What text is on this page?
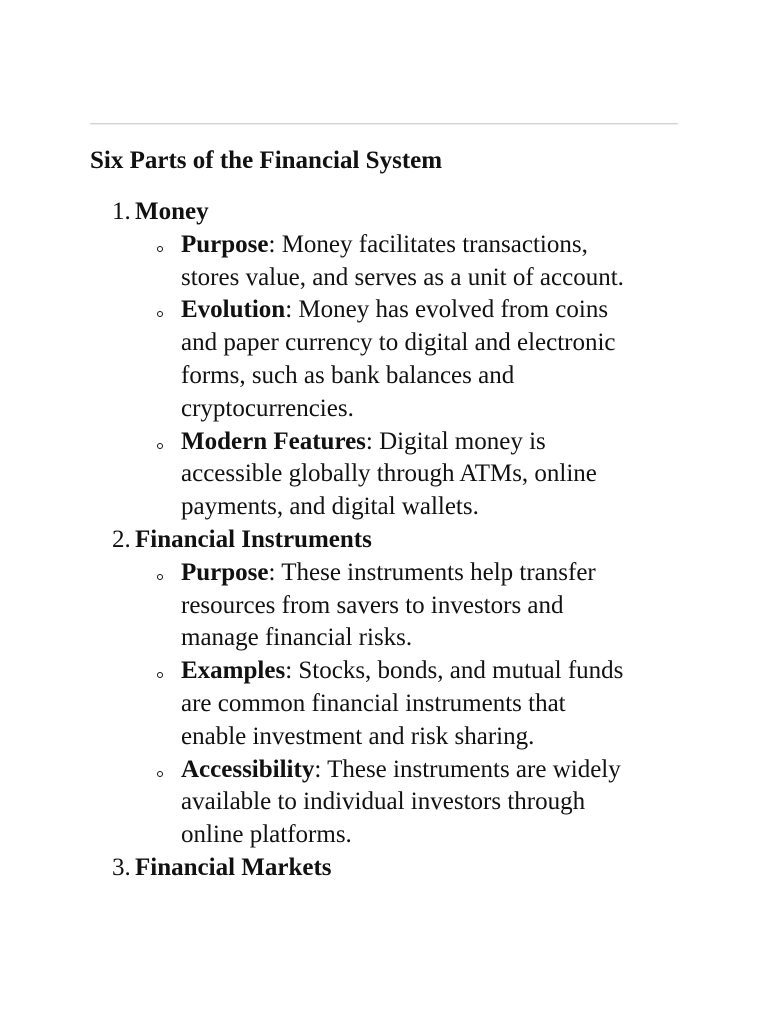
Six Parts of the Financial System
1. Money
Purpose: Money facilitates transactions,
stores value, and serves as a unit of account.
Evolution: Money has evolved from coins
and paper currency to digital and electronic
forms, such as bank balances and
cryptocurrencies.
Modern Features: Digital money is
accessible globally through ATMs, online
payments, and digital wallets.
2. Financial Instruments
Purpose: These instruments help transfer
resources from savers to investors and
manage financial risks.
Examples: Stocks, bonds, and mutual funds
are common financial instruments that
enable investment and risk sharing.
Accessibility: These instruments are widely
available to individual investors through
online platforms.
3. Financial Markets
